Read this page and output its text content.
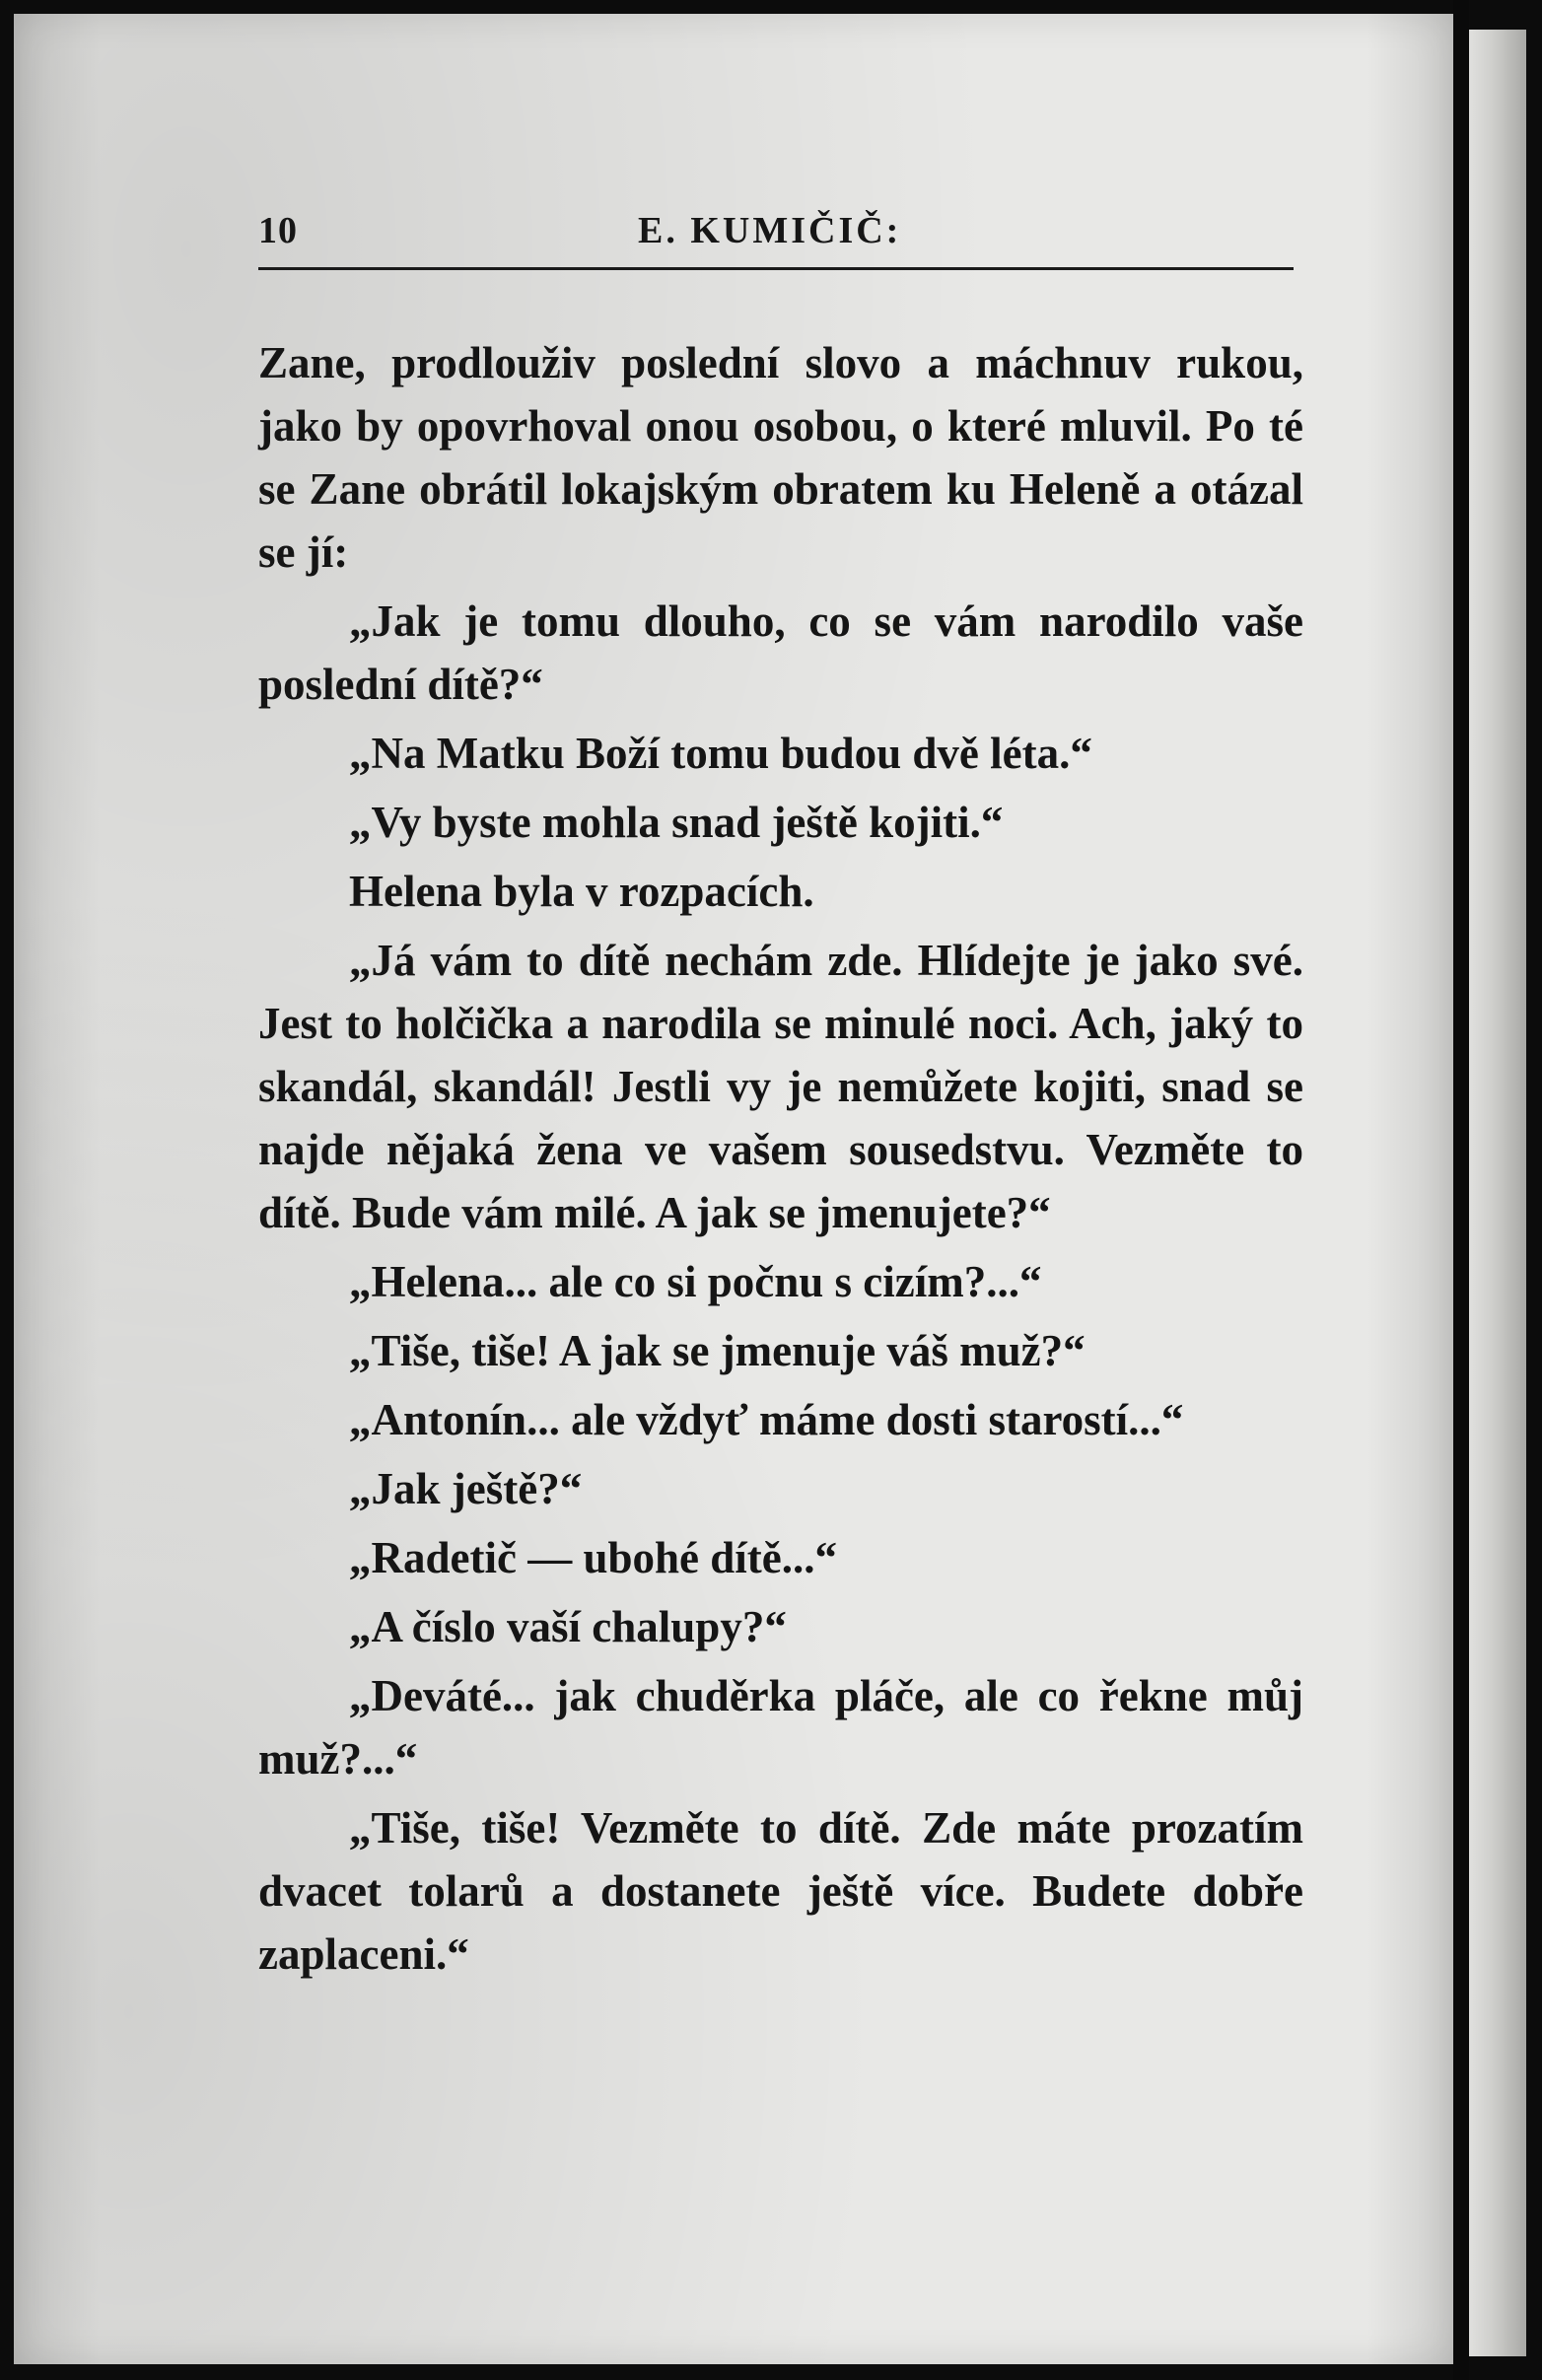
10	E. KUMIČIČ:

Zane, prodlouživ poslední slovo a máchnuv rukou, jako by opovrhoval onou osobou, o které mluvil. Po té se Zane obrátil lokajským obratem ku Heleně a otázal se jí:

„Jak je tomu dlouho, co se vám narodilo vaše poslední dítě?“

„Na Matku Boží tomu budou dvě léta.“

„Vy byste mohla snad ještě kojiti.“

Helena byla v rozpacích.

„Já vám to dítě nechám zde. Hlídejte je jako své. Jest to holčička a narodila se minulé noci. Ach, jaký to skandál, skandál! Jestli vy je nemůžete kojiti, snad se najde nějaká žena ve vašem sousedstvu. Vezměte to dítě. Bude vám milé. A jak se jmenujete?“

„Helena... ale co si počnu s cizím?...“

„Tiše, tiše! A jak se jmenuje váš muž?“

„Antonín... ale vždyť máme dosti starostí...“

„Jak ještě?“

„Radetič — ubohé dítě...“

„A číslo vaší chalupy?“

„Deváté... jak chuděrka pláče, ale co řekne můj muž?...“

„Tiše, tiše! Vezměte to dítě. Zde máte prozatím dvacet tolarů a dostanete ještě více. Budete dobře zaplaceni.“
